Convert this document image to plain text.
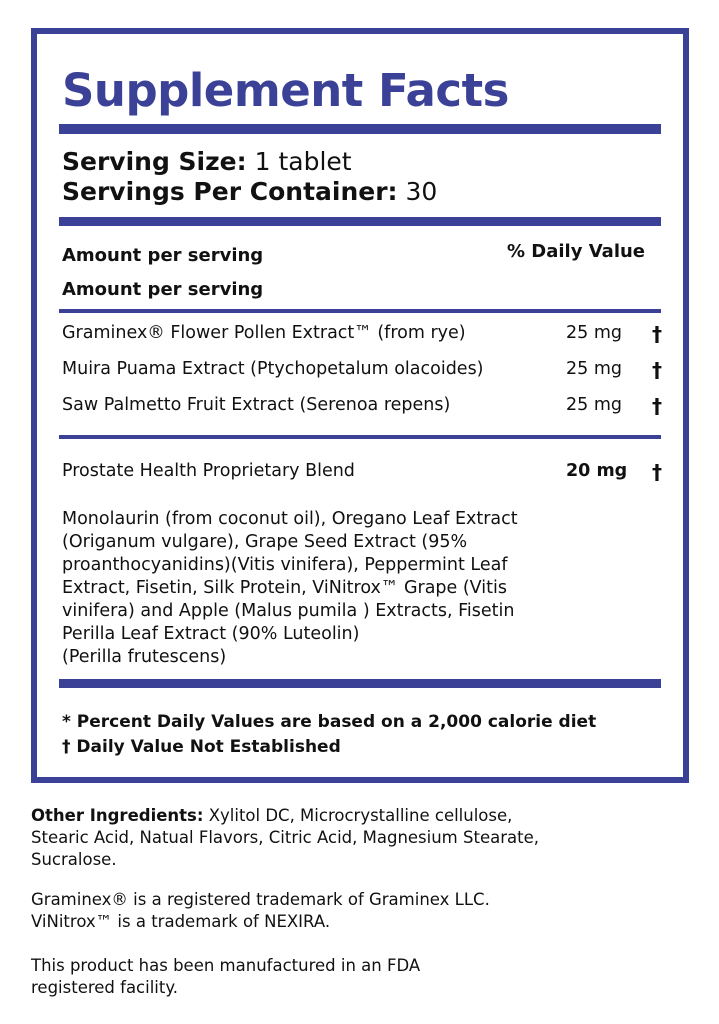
Supplement Facts
Serving Size: 1 tablet
Servings Per Container: 30
Amount per serving	% Daily Value
Amount per serving
Graminex® Flower Pollen Extract™ (from rye)	25 mg †
Muira Puama Extract (Ptychopetalum olacoides)	25 mg †
Saw Palmetto Fruit Extract (Serenoa repens)	25 mg †
Prostate Health Proprietary Blend	20 mg †
Monolaurin (from coconut oil), Oregano Leaf Extract
(Origanum vulgare), Grape Seed Extract (95%
proanthocyanidins)(Vitis vinifera), Peppermint Leaf
Extract, Fisetin, Silk Protein, ViNitrox™ Grape (Vitis
vinifera) and Apple (Malus pumila ) Extracts, Fisetin
Perilla Leaf Extract (90% Luteolin)
(Perilla frutescens)
* Percent Daily Values are based on a 2,000 calorie diet
† Daily Value Not Established
Other Ingredients: Xylitol DC, Microcrystalline cellulose,
Stearic Acid, Natual Flavors, Citric Acid, Magnesium Stearate,
Sucralose.
Graminex® is a registered trademark of Graminex LLC.
ViNitrox™ is a trademark of NEXIRA.
This product has been manufactured in an FDA
registered facility.
